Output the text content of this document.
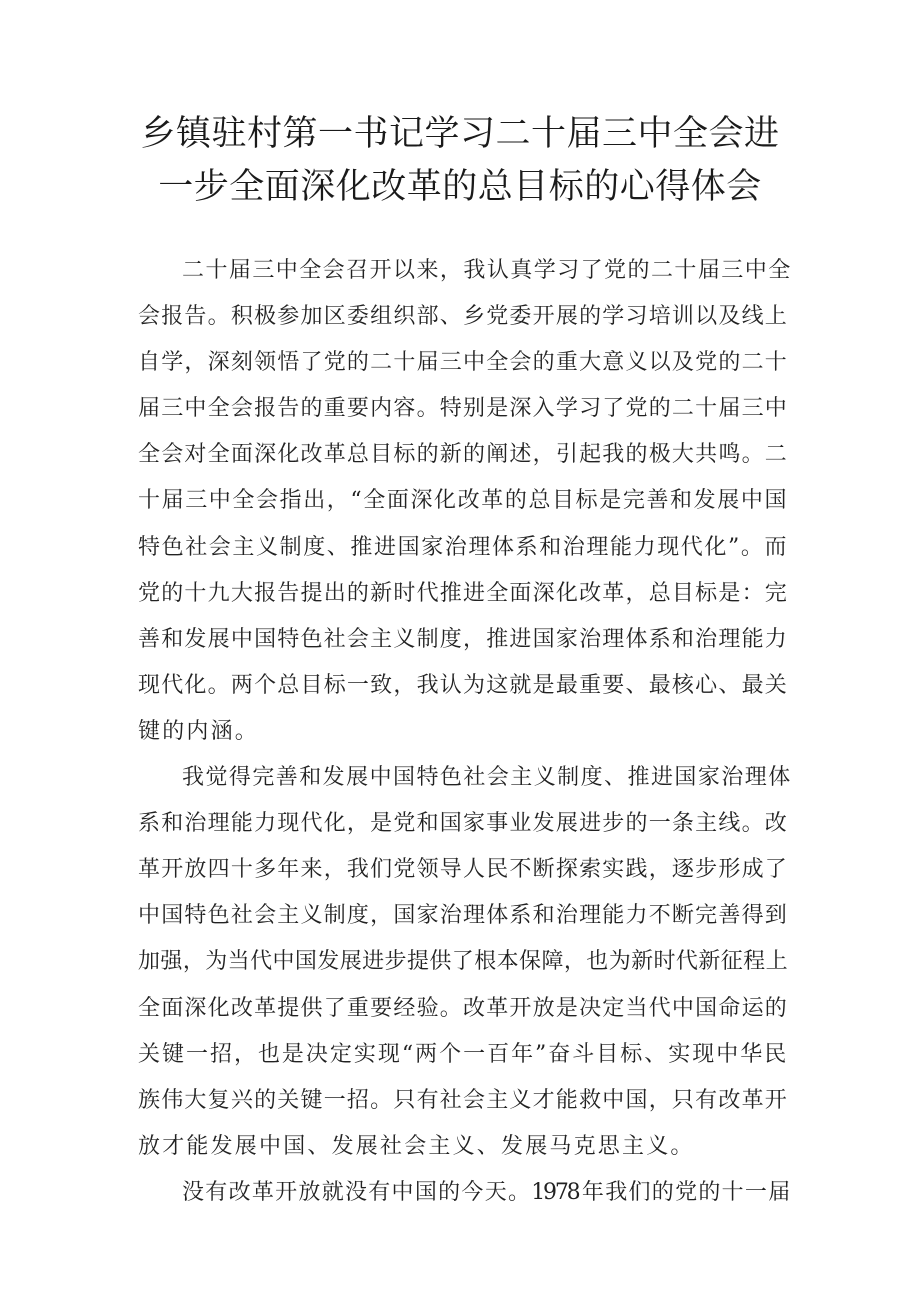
乡镇驻村第一书记学习二十届三中全会进
一步全面深化改革的总目标的心得体会

二十届三中全会召开以来，我认真学习了党的二十届三中全
会报告。积极参加区委组织部、乡党委开展的学习培训以及线上
自学，深刻领悟了党的二十届三中全会的重大意义以及党的二十
届三中全会报告的重要内容。特别是深入学习了党的二十届三中
全会对全面深化改革总目标的新的阐述，引起我的极大共鸣。二
十届三中全会指出，“全面深化改革的总目标是完善和发展中国
特色社会主义制度、推进国家治理体系和治理能力现代化”。而
党的十九大报告提出的新时代推进全面深化改革，总目标是：完
善和发展中国特色社会主义制度，推进国家治理体系和治理能力
现代化。两个总目标一致，我认为这就是最重要、最核心、最关
键的内涵。

我觉得完善和发展中国特色社会主义制度、推进国家治理体
系和治理能力现代化，是党和国家事业发展进步的一条主线。改
革开放四十多年来，我们党领导人民不断探索实践，逐步形成了
中国特色社会主义制度，国家治理体系和治理能力不断完善得到
加强，为当代中国发展进步提供了根本保障，也为新时代新征程上
全面深化改革提供了重要经验。改革开放是决定当代中国命运的
关键一招，也是决定实现“两个一百年”奋斗目标、实现中华民
族伟大复兴的关键一招。只有社会主义才能救中国，只有改革开
放才能发展中国、发展社会主义、发展马克思主义。

没有改革开放就没有中国的今天。1978年我们的党的十一届
